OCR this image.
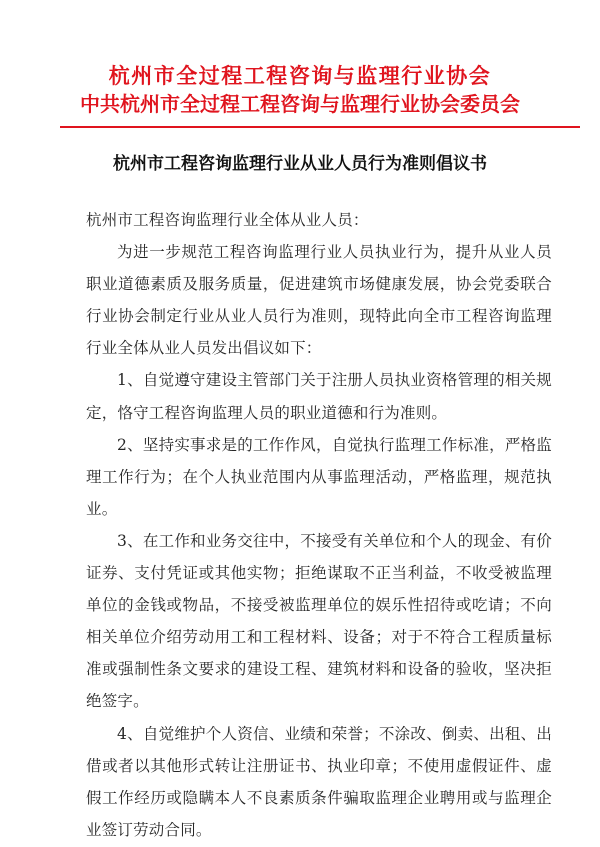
杭州市全过程工程咨询与监理行业协会
中共杭州市全过程工程咨询与监理行业协会委员会
杭州市工程咨询监理行业从业人员行为准则倡议书

杭州市工程咨询监理行业全体从业人员：

为进一步规范工程咨询监理行业人员执业行为，提升从业人员职业道德素质及服务质量，促进建筑市场健康发展，协会党委联合行业协会制定行业从业人员行为准则，现特此向全市工程咨询监理行业全体从业人员发出倡议如下：

1、自觉遵守建设主管部门关于注册人员执业资格管理的相关规定，恪守工程咨询监理人员的职业道德和行为准则。

2、坚持实事求是的工作作风，自觉执行监理工作标准，严格监理工作行为；在个人执业范围内从事监理活动，严格监理，规范执业。

3、在工作和业务交往中，不接受有关单位和个人的现金、有价证券、支付凭证或其他实物；拒绝谋取不正当利益，不收受被监理单位的金钱或物品，不接受被监理单位的娱乐性招待或吃请；不向相关单位介绍劳动用工和工程材料、设备；对于不符合工程质量标准或强制性条文要求的建设工程、建筑材料和设备的验收，坚决拒绝签字。

4、自觉维护个人资信、业绩和荣誉；不涂改、倒卖、出租、出借或者以其他形式转让注册证书、执业印章；不使用虚假证件、虚假工作经历或隐瞒本人不良素质条件骗取监理企业聘用或与监理企业签订劳动合同。
